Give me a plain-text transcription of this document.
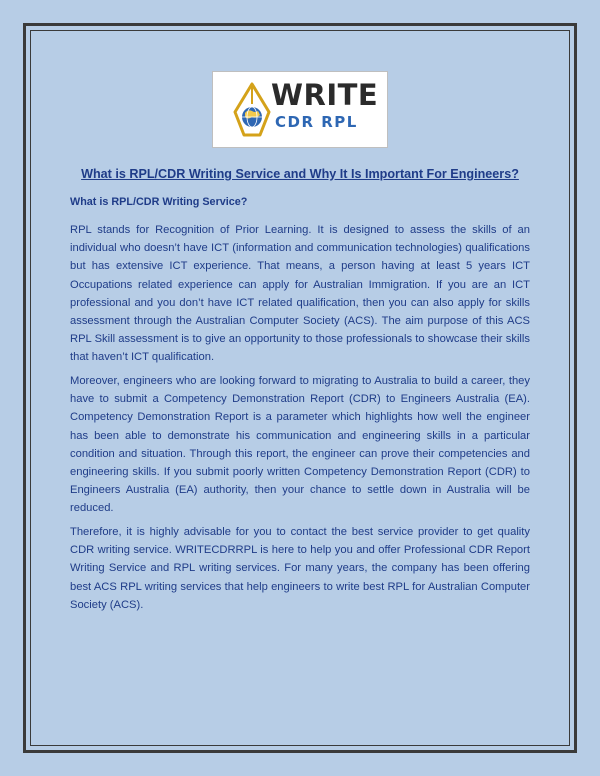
WRITE
CDR RPL
What is RPL/CDR Writing Service and Why It Is Important For Engineers?
What is RPL/CDR Writing Service?

RPL stands for Recognition of Prior Learning. It is designed to assess the skills of an individual who doesn’t have ICT (information and communication technologies) qualifications but has extensive ICT experience. That means, a person having at least 5 years ICT Occupations related experience can apply for Australian Immigration. If you are an ICT professional and you don’t have ICT related qualification, then you can also apply for skills assessment through the Australian Computer Society (ACS). The aim purpose of this ACS RPL Skill assessment is to give an opportunity to those professionals to showcase their skills that haven’t ICT qualification.

Moreover, engineers who are looking forward to migrating to Australia to build a career, they have to submit a Competency Demonstration Report (CDR) to Engineers Australia (EA). Competency Demonstration Report is a parameter which highlights how well the engineer has been able to demonstrate his communication and engineering skills in a particular condition and situation. Through this report, the engineer can prove their competencies and engineering skills. If you submit poorly written Competency Demonstration Report (CDR) to Engineers Australia (EA) authority, then your chance to settle down in Australia will be reduced.

Therefore, it is highly advisable for you to contact the best service provider to get quality CDR writing service. WRITECDRRPL is here to help you and offer Professional CDR Report Writing Service and RPL writing services. For many years, the company has been offering best ACS RPL writing services that help engineers to write best RPL for Australian Computer Society (ACS).
